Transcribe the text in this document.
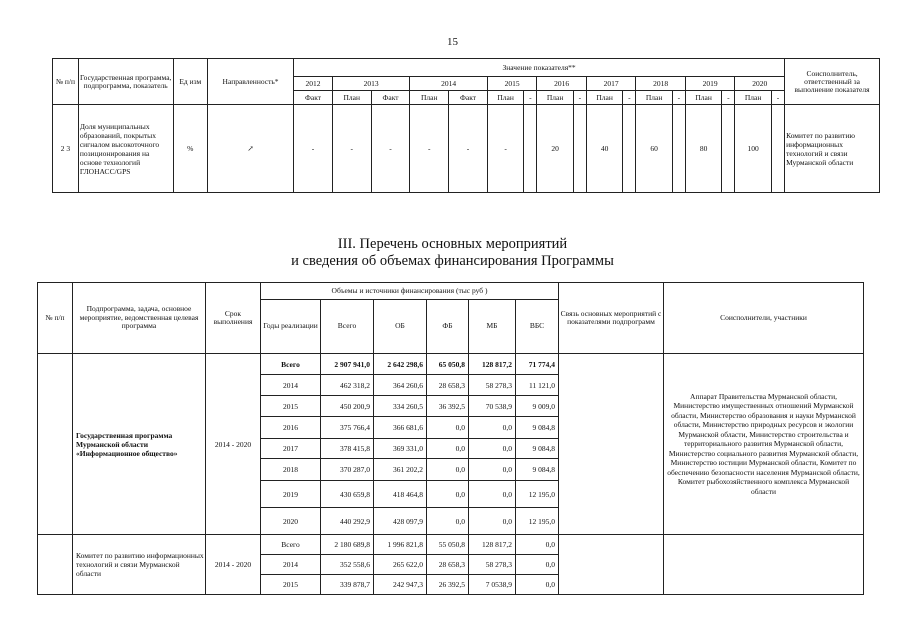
15
№ п/п	Государственная программа, подпрограмма, показатель	Ед изм	Направленность*	Значение показателя**																	Соисполнитель, ответственный за выполнение показателя
				2012	2013		2014		2015		2016		2017		2018		2019		2020		
				Факт	План	Факт	План	Факт	План	-	План	-	План	-	План	-	План	-	План	-	
2 3	Доля муниципальных образований, покрытых сигналом высокоточного позиционирования на основе технологий ГЛОНАСС/GPS	%	↗	-	-	-	-	-	-		20		40		60		80		100		Комитет по развитию информационных технологий и связи Мурманской области
III. Перечень основных мероприятий
и сведения об объемах финансирования Программы
№ п/п	Подпрограмма, задача, основное мероприятие, ведомственная целевая программа	Срок выполнения	Объемы и источники финансирования (тыс руб )						Связь основных мероприятий с показателями подпрограмм	Соисполнители, участники
			Годы реализации	Всего	ОБ	ФБ	МБ	ВБС		
	Государственная программа Мурманской области «Информационное общество»	2014 - 2020	Всего	2 907 941,0	2 642 298,6	65 050,8	128 817,2	71 774,4		Аппарат Правительства Мурманской области, Министерство имущественных отношений Мурманской области, Министерство образования и науки Мурманской области, Министерство природных ресурсов и экологии Мурманской области, Министерство строительства и территориального развития Мурманской области, Министерство социального развития Мурманской области, Министерство юстиции Мурманской области, Комитет по обеспечению безопасности населения Мурманской области, Комитет рыбохозяйственного комплекса Мурманской области
			2014	462 318,2	364 260,6	28 658,3	58 278,3	11 121,0		
			2015	450 200,9	334 260,5	36 392,5	70 538,9	9 009,0		
			2016	375 766,4	366 681,6	0,0	0,0	9 084,8		
			2017	378 415,8	369 331,0	0,0	0,0	9 084,8		
			2018	370 287,0	361 202,2	0,0	0,0	9 084,8		
			2019	430 659,8	418 464,8	0,0	0,0	12 195,0		
			2020	440 292,9	428 097,9	0,0	0,0	12 195,0		
	Комитет по развитию информационных технологий и связи Мурманской области	2014 - 2020	Всего	2 180 689,8	1 996 821,8	55 050,8	128 817,2	0,0		
			2014	352 558,6	265 622,0	28 658,3	58 278,3	0,0		
			2015	339 878,7	242 947,3	26 392,5	7 0538,9	0,0		
